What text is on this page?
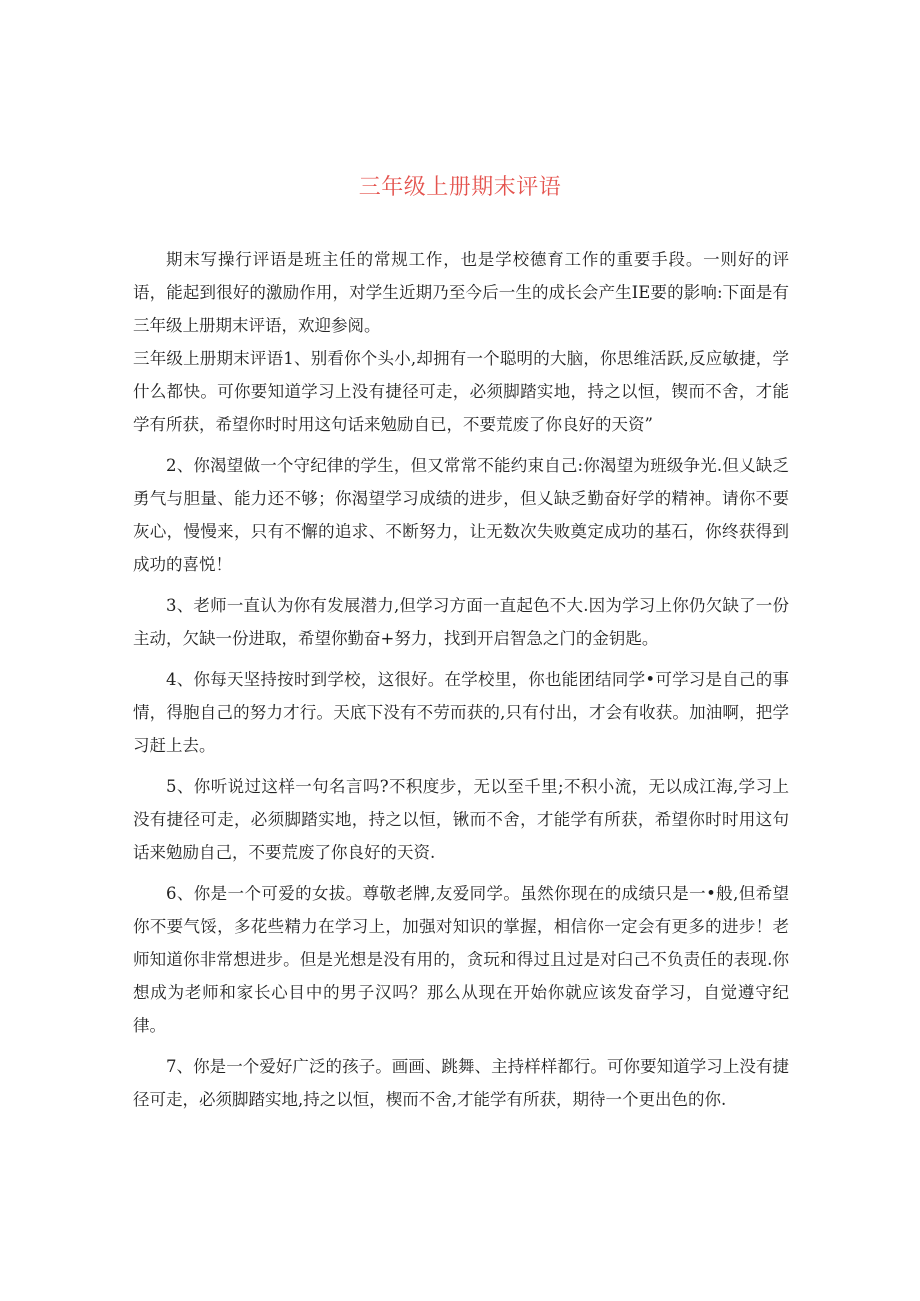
三年级上册期末评语

期末写操行评语是班主任的常规工作，也是学校德育工作的重要手段。一则好的评语，能起到很好的激励作用，对学生近期乃至今后一生的成长会产生IE要的影响:下面是有三年级上册期末评语，欢迎参阅。

三年级上册期末评语1、别看你个头小,却拥有一个聪明的大脑，你思维活跃,反应敏捷，学什么都快。可你要知道学习上没有捷径可走，必须脚踏实地，持之以恒，锲而不舍，才能学有所获，希望你时时用这句话来勉励自已，不要荒废了你良好的天资”

2、你渴望做一个守纪律的学生，但又常常不能约束自己:你渴望为班级争光.但乂缺乏勇气与胆量、能力还不够；你渴望学习成绩的进步，但乂缺乏勤奋好学的精神。请你不要灰心，慢慢来，只有不懈的追求、不断努力，让无数次失败奠定成功的基石，你终获得到成功的喜悦！

3、老师一直认为你有发展潜力,但学习方面一直起色不大.因为学习上你仍欠缺了一份主动，欠缺一份进取，希望你勤奋+努力，找到开启智急之门的金钥匙。

4、你每天坚持按时到学校，这很好。在学校里，你也能团结同学•可学习是自己的事情，得胞自己的努力才行。天底下没有不劳而获的,只有付出，才会有收获。加油啊，把学习赶上去。

5、你听说过这样一句名言吗?不积度步，无以至千里;不积小流，无以成江海,学习上没有捷径可走，必须脚踏实地，持之以恒，锹而不舍，才能学有所获，希望你时时用这句话来勉励自己，不要荒废了你良好的天资.

6、你是一个可爱的女拔。尊敬老牌,友爱同学。虽然你现在的成绩只是一•般,但希望你不要气馁，多花些精力在学习上，加强对知识的掌握，相信你一定会有更多的进步！老师知道你非常想进步。但是光想是没有用的，贪玩和得过且过是对臼己不负责任的表现.你想成为老师和家长心目中的男子汉吗？那么从现在开始你就应该发奋学习，自觉遵守纪律。

7、你是一个爱好广泛的孩子。画画、跳舞、主持样样都行。可你要知道学习上没有捷径可走，必须脚踏实地,持之以恒，楔而不舍,才能学有所获，期待一个更出色的你.
